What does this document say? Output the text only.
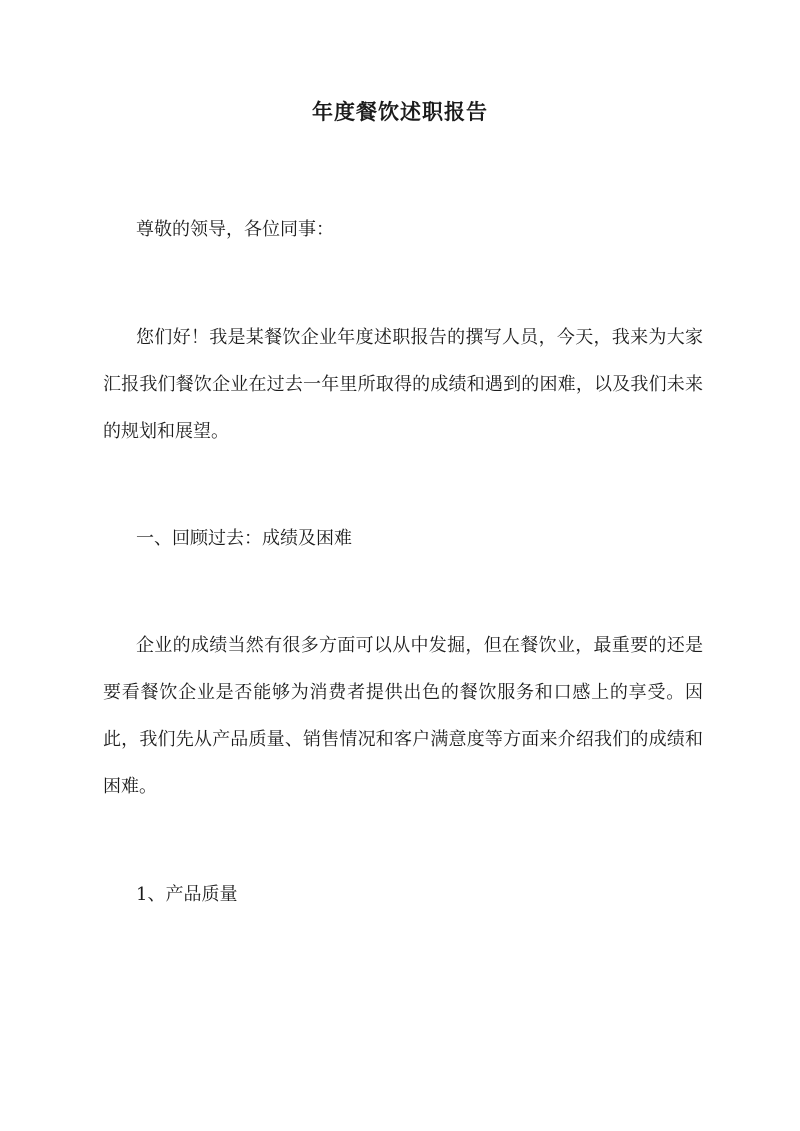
年度餐饮述职报告

尊敬的领导，各位同事：

您们好！我是某餐饮企业年度述职报告的撰写人员，今天，我来为大家汇报我们餐饮企业在过去一年里所取得的成绩和遇到的困难，以及我们未来的规划和展望。

一、回顾过去：成绩及困难

企业的成绩当然有很多方面可以从中发掘，但在餐饮业，最重要的还是要看餐饮企业是否能够为消费者提供出色的餐饮服务和口感上的享受。因此，我们先从产品质量、销售情况和客户满意度等方面来介绍我们的成绩和困难。

1、产品质量
